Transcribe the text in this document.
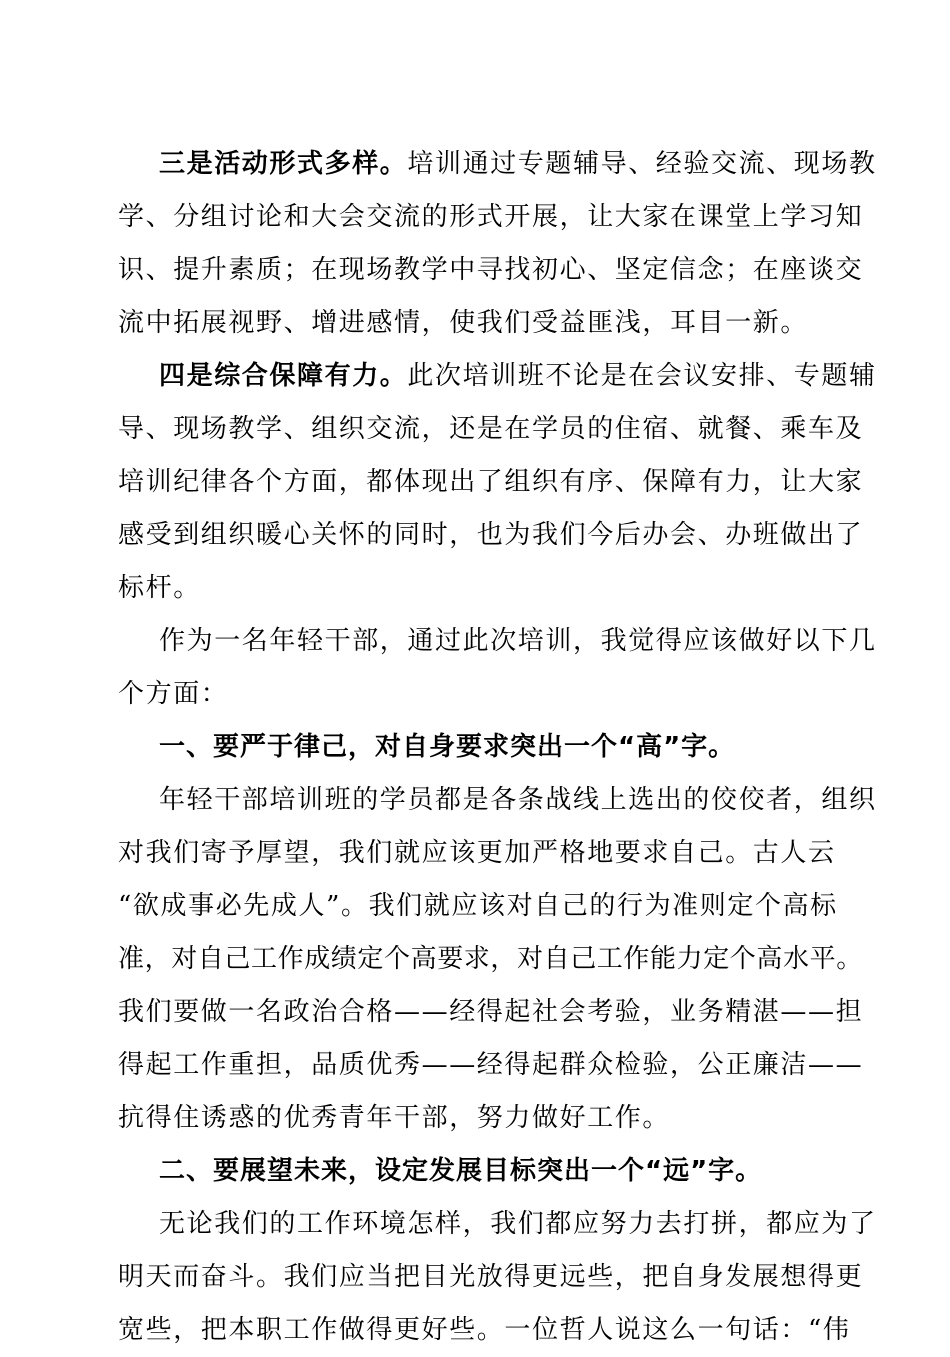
三是活动形式多样。培训通过专题辅导、经验交流、现场教
学、分组讨论和大会交流的形式开展，让大家在课堂上学习知
识、提升素质；在现场教学中寻找初心、坚定信念；在座谈交
流中拓展视野、增进感情，使我们受益匪浅，耳目一新。
四是综合保障有力。此次培训班不论是在会议安排、专题辅
导、现场教学、组织交流，还是在学员的住宿、就餐、乘车及
培训纪律各个方面，都体现出了组织有序、保障有力，让大家
感受到组织暖心关怀的同时，也为我们今后办会、办班做出了
标杆。
作为一名年轻干部，通过此次培训，我觉得应该做好以下几
个方面：
一、要严于律己，对自身要求突出一个“高”字。
年轻干部培训班的学员都是各条战线上选出的佼佼者，组织
对我们寄予厚望，我们就应该更加严格地要求自己。古人云
“欲成事必先成人”。我们就应该对自己的行为准则定个高标
准，对自己工作成绩定个高要求，对自己工作能力定个高水平。
我们要做一名政治合格——经得起社会考验，业务精湛——担
得起工作重担，品质优秀——经得起群众检验，公正廉洁——
抗得住诱惑的优秀青年干部，努力做好工作。
二、要展望未来，设定发展目标突出一个“远”字。
无论我们的工作环境怎样，我们都应努力去打拼，都应为了
明天而奋斗。我们应当把目光放得更远些，把自身发展想得更
宽些，把本职工作做得更好些。一位哲人说这么一句话：“伟
